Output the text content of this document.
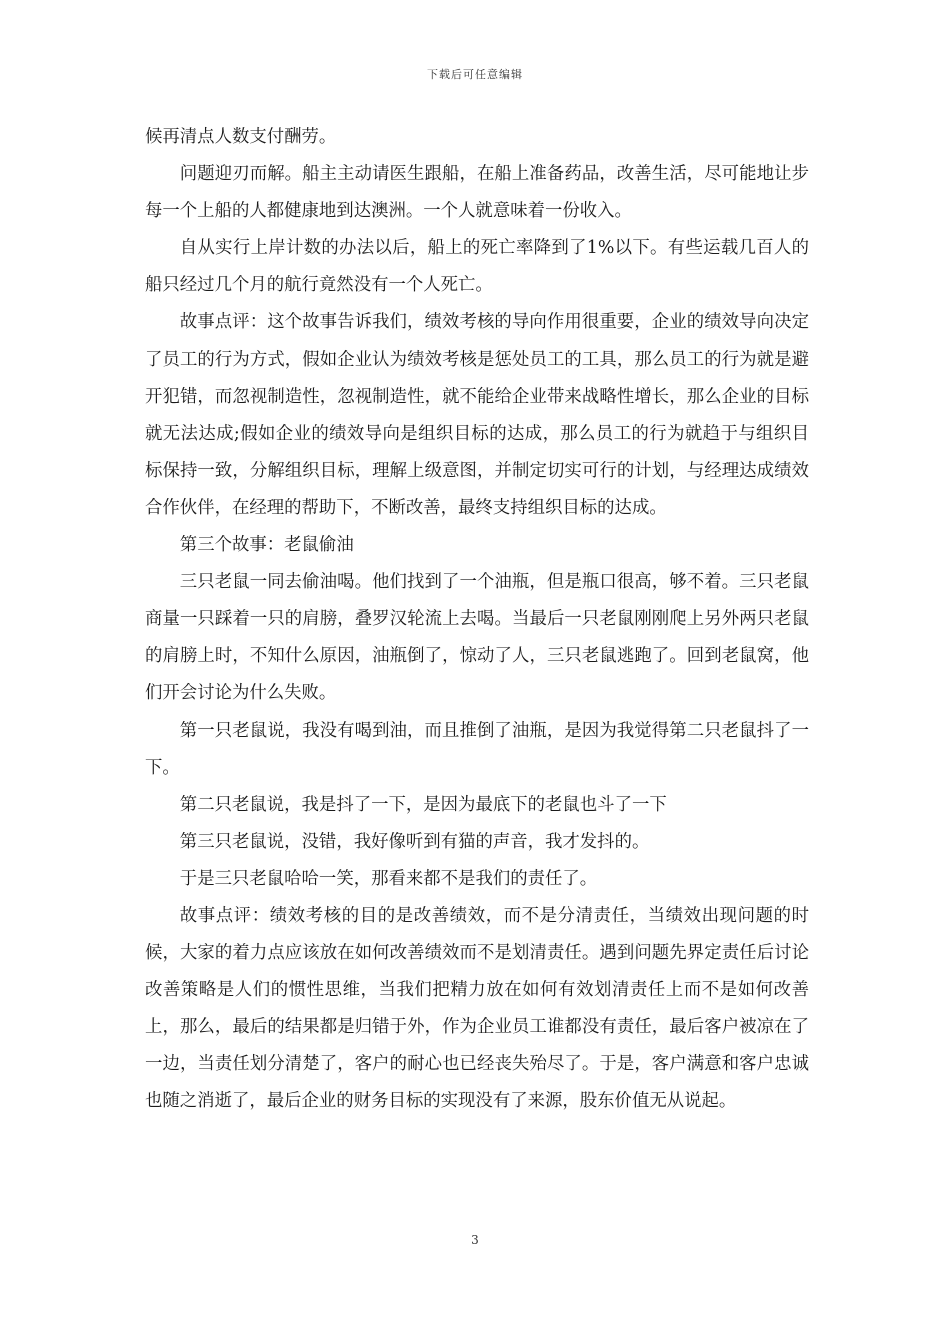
下载后可任意编辑

候再清点人数支付酬劳。

问题迎刃而解。船主主动请医生跟船，在船上准备药品，改善生活，尽可能地让步每一个上船的人都健康地到达澳洲。一个人就意味着一份收入。

自从实行上岸计数的办法以后，船上的死亡率降到了1%以下。有些运载几百人的船只经过几个月的航行竟然没有一个人死亡。

故事点评：这个故事告诉我们，绩效考核的导向作用很重要，企业的绩效导向决定了员工的行为方式，假如企业认为绩效考核是惩处员工的工具，那么员工的行为就是避开犯错，而忽视制造性，忽视制造性，就不能给企业带来战略性增长，那么企业的目标就无法达成;假如企业的绩效导向是组织目标的达成，那么员工的行为就趋于与组织目标保持一致，分解组织目标，理解上级意图，并制定切实可行的计划，与经理达成绩效合作伙伴，在经理的帮助下，不断改善，最终支持组织目标的达成。

第三个故事：老鼠偷油

三只老鼠一同去偷油喝。他们找到了一个油瓶，但是瓶口很高，够不着。三只老鼠商量一只踩着一只的肩膀，叠罗汉轮流上去喝。当最后一只老鼠刚刚爬上另外两只老鼠的肩膀上时，不知什么原因，油瓶倒了，惊动了人，三只老鼠逃跑了。回到老鼠窝，他们开会讨论为什么失败。

第一只老鼠说，我没有喝到油，而且推倒了油瓶，是因为我觉得第二只老鼠抖了一下。

第二只老鼠说，我是抖了一下，是因为最底下的老鼠也斗了一下

第三只老鼠说，没错，我好像听到有猫的声音，我才发抖的。

于是三只老鼠哈哈一笑，那看来都不是我们的责任了。

故事点评：绩效考核的目的是改善绩效，而不是分清责任，当绩效出现问题的时候，大家的着力点应该放在如何改善绩效而不是划清责任。遇到问题先界定责任后讨论改善策略是人们的惯性思维，当我们把精力放在如何有效划清责任上而不是如何改善上，那么，最后的结果都是归错于外，作为企业员工谁都没有责任，最后客户被凉在了一边，当责任划分清楚了，客户的耐心也已经丧失殆尽了。于是，客户满意和客户忠诚也随之消逝了，最后企业的财务目标的实现没有了来源，股东价值无从说起。

3
